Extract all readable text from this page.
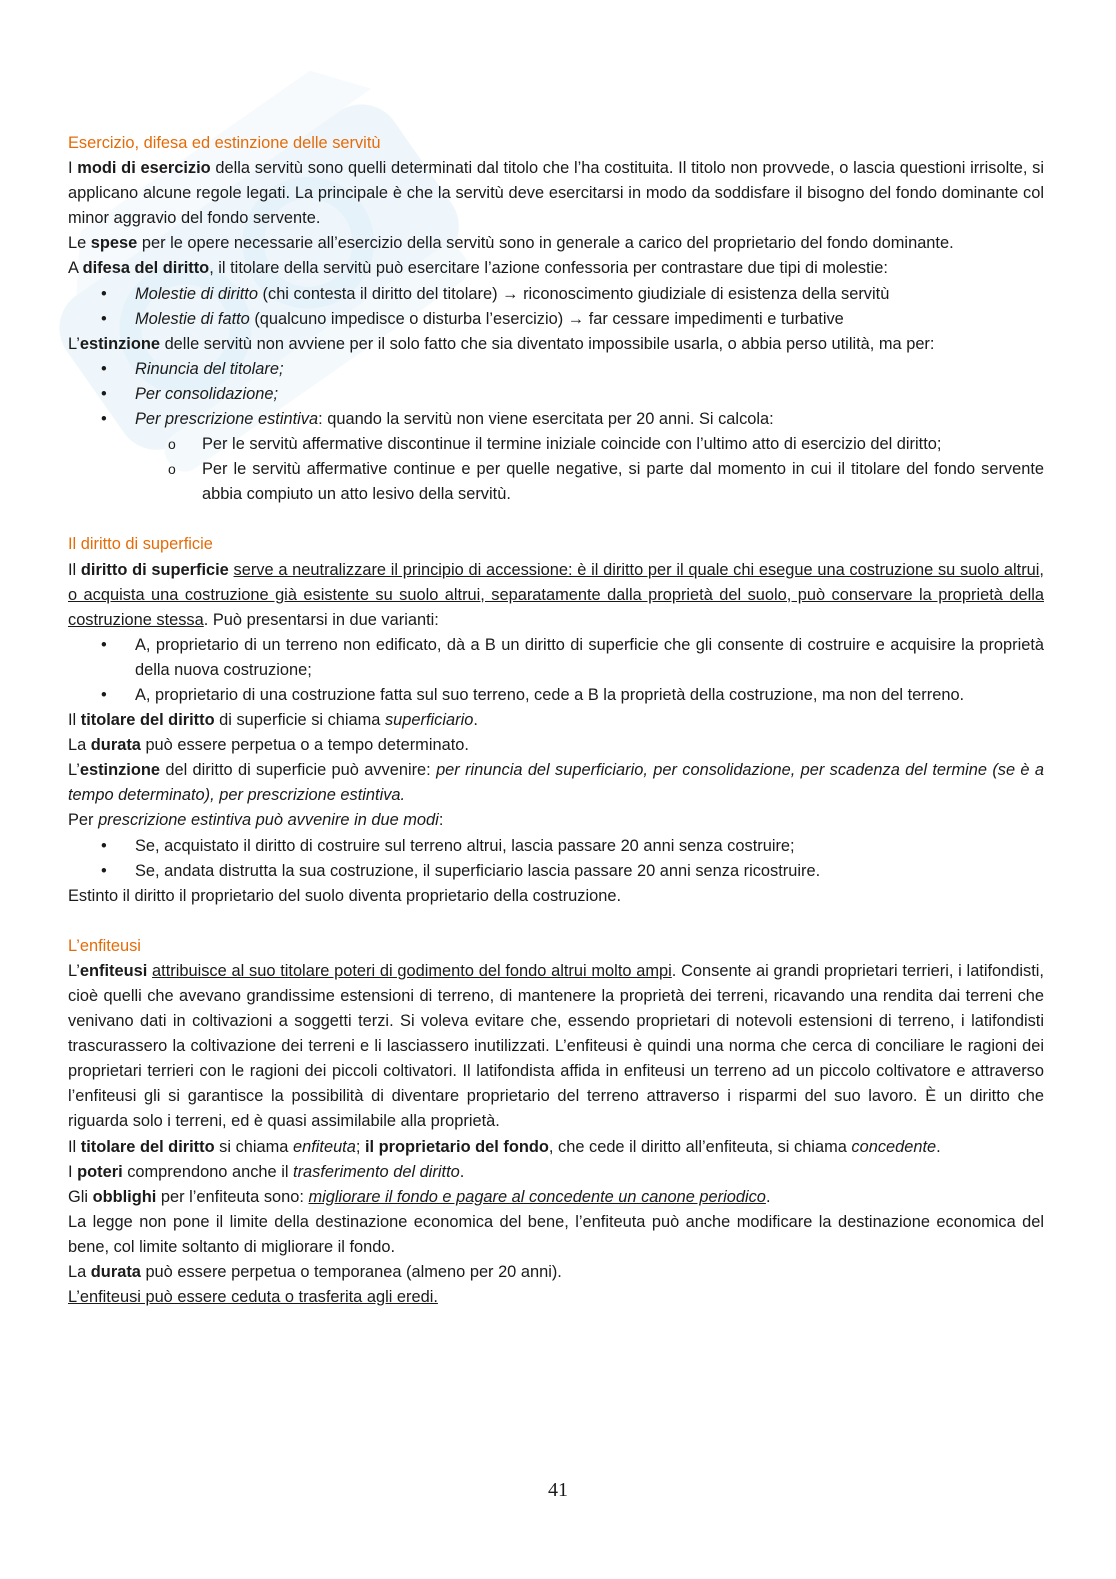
Esercizio, difesa ed estinzione delle servitù

I modi di esercizio della servitù sono quelli determinati dal titolo che l’ha costituita. Il titolo non provvede, o lascia questioni irrisolte, si applicano alcune regole legati. La principale è che la servitù deve esercitarsi in modo da soddisfare il bisogno del fondo dominante col minor aggravio del fondo servente.

Le spese per le opere necessarie all’esercizio della servitù sono in generale a carico del proprietario del fondo dominante.

A difesa del diritto, il titolare della servitù può esercitare l’azione confessoria per contrastare due tipi di molestie:

• Molestie di diritto (chi contesta il diritto del titolare) → riconoscimento giudiziale di esistenza della servitù
• Molestie di fatto (qualcuno impedisce o disturba l’esercizio) → far cessare impedimenti e turbative

L’estinzione delle servitù non avviene per il solo fatto che sia diventato impossibile usarla, o abbia perso utilità, ma per:

• Rinuncia del titolare;
• Per consolidazione;
• Per prescrizione estintiva: quando la servitù non viene esercitata per 20 anni. Si calcola:
o Per le servitù affermative discontinue il termine iniziale coincide con l’ultimo atto di esercizio del diritto;
o Per le servitù affermative continue e per quelle negative, si parte dal momento in cui il titolare del fondo servente abbia compiuto un atto lesivo della servitù.
Il diritto di superficie

Il diritto di superficie serve a neutralizzare il principio di accessione: è il diritto per il quale chi esegue una costruzione su suolo altrui, o acquista una costruzione già esistente su suolo altrui, separatamente dalla proprietà del suolo, può conservare la proprietà della costruzione stessa. Può presentarsi in due varianti:

• A, proprietario di un terreno non edificato, dà a B un diritto di superficie che gli consente di costruire e acquisire la proprietà della nuova costruzione;
• A, proprietario di una costruzione fatta sul suo terreno, cede a B la proprietà della costruzione, ma non del terreno.

Il titolare del diritto di superficie si chiama superficiario.

La durata può essere perpetua o a tempo determinato.

L’estinzione del diritto di superficie può avvenire: per rinuncia del superficiario, per consolidazione, per scadenza del termine (se è a tempo determinato), per prescrizione estintiva.

Per prescrizione estintiva può avvenire in due modi:

• Se, acquistato il diritto di costruire sul terreno altrui, lascia passare 20 anni senza costruire;
• Se, andata distrutta la sua costruzione, il superficiario lascia passare 20 anni senza ricostruire.

Estinto il diritto il proprietario del suolo diventa proprietario della costruzione.

L’enfiteusi

L’enfiteusi attribuisce al suo titolare poteri di godimento del fondo altrui molto ampi. Consente ai grandi proprietari terrieri, i latifondisti, cioè quelli che avevano grandissime estensioni di terreno, di mantenere la proprietà dei terreni, ricavando una rendita dai terreni che venivano dati in coltivazioni a soggetti terzi. Si voleva evitare che, essendo proprietari di notevoli estensioni di terreno, i latifondisti trascurassero la coltivazione dei terreni e li lasciassero inutilizzati. L’enfiteusi è quindi una norma che cerca di conciliare le ragioni dei proprietari terrieri con le ragioni dei piccoli coltivatori. Il latifondista affida in enfiteusi un terreno ad un piccolo coltivatore e attraverso l’enfiteusi gli si garantisce la possibilità di diventare proprietario del terreno attraverso i risparmi del suo lavoro. È un diritto che riguarda solo i terreni, ed è quasi assimilabile alla proprietà.

Il titolare del diritto si chiama enfiteuta; il proprietario del fondo, che cede il diritto all’enfiteuta, si chiama concedente.

I poteri comprendono anche il trasferimento del diritto.

Gli obblighi per l’enfiteuta sono: migliorare il fondo e pagare al concedente un canone periodico.

La legge non pone il limite della destinazione economica del bene, l’enfiteuta può anche modificare la destinazione economica del bene, col limite soltanto di migliorare il fondo.

La durata può essere perpetua o temporanea (almeno per 20 anni).

L’enfiteusi può essere ceduta o trasferita agli eredi.

41
